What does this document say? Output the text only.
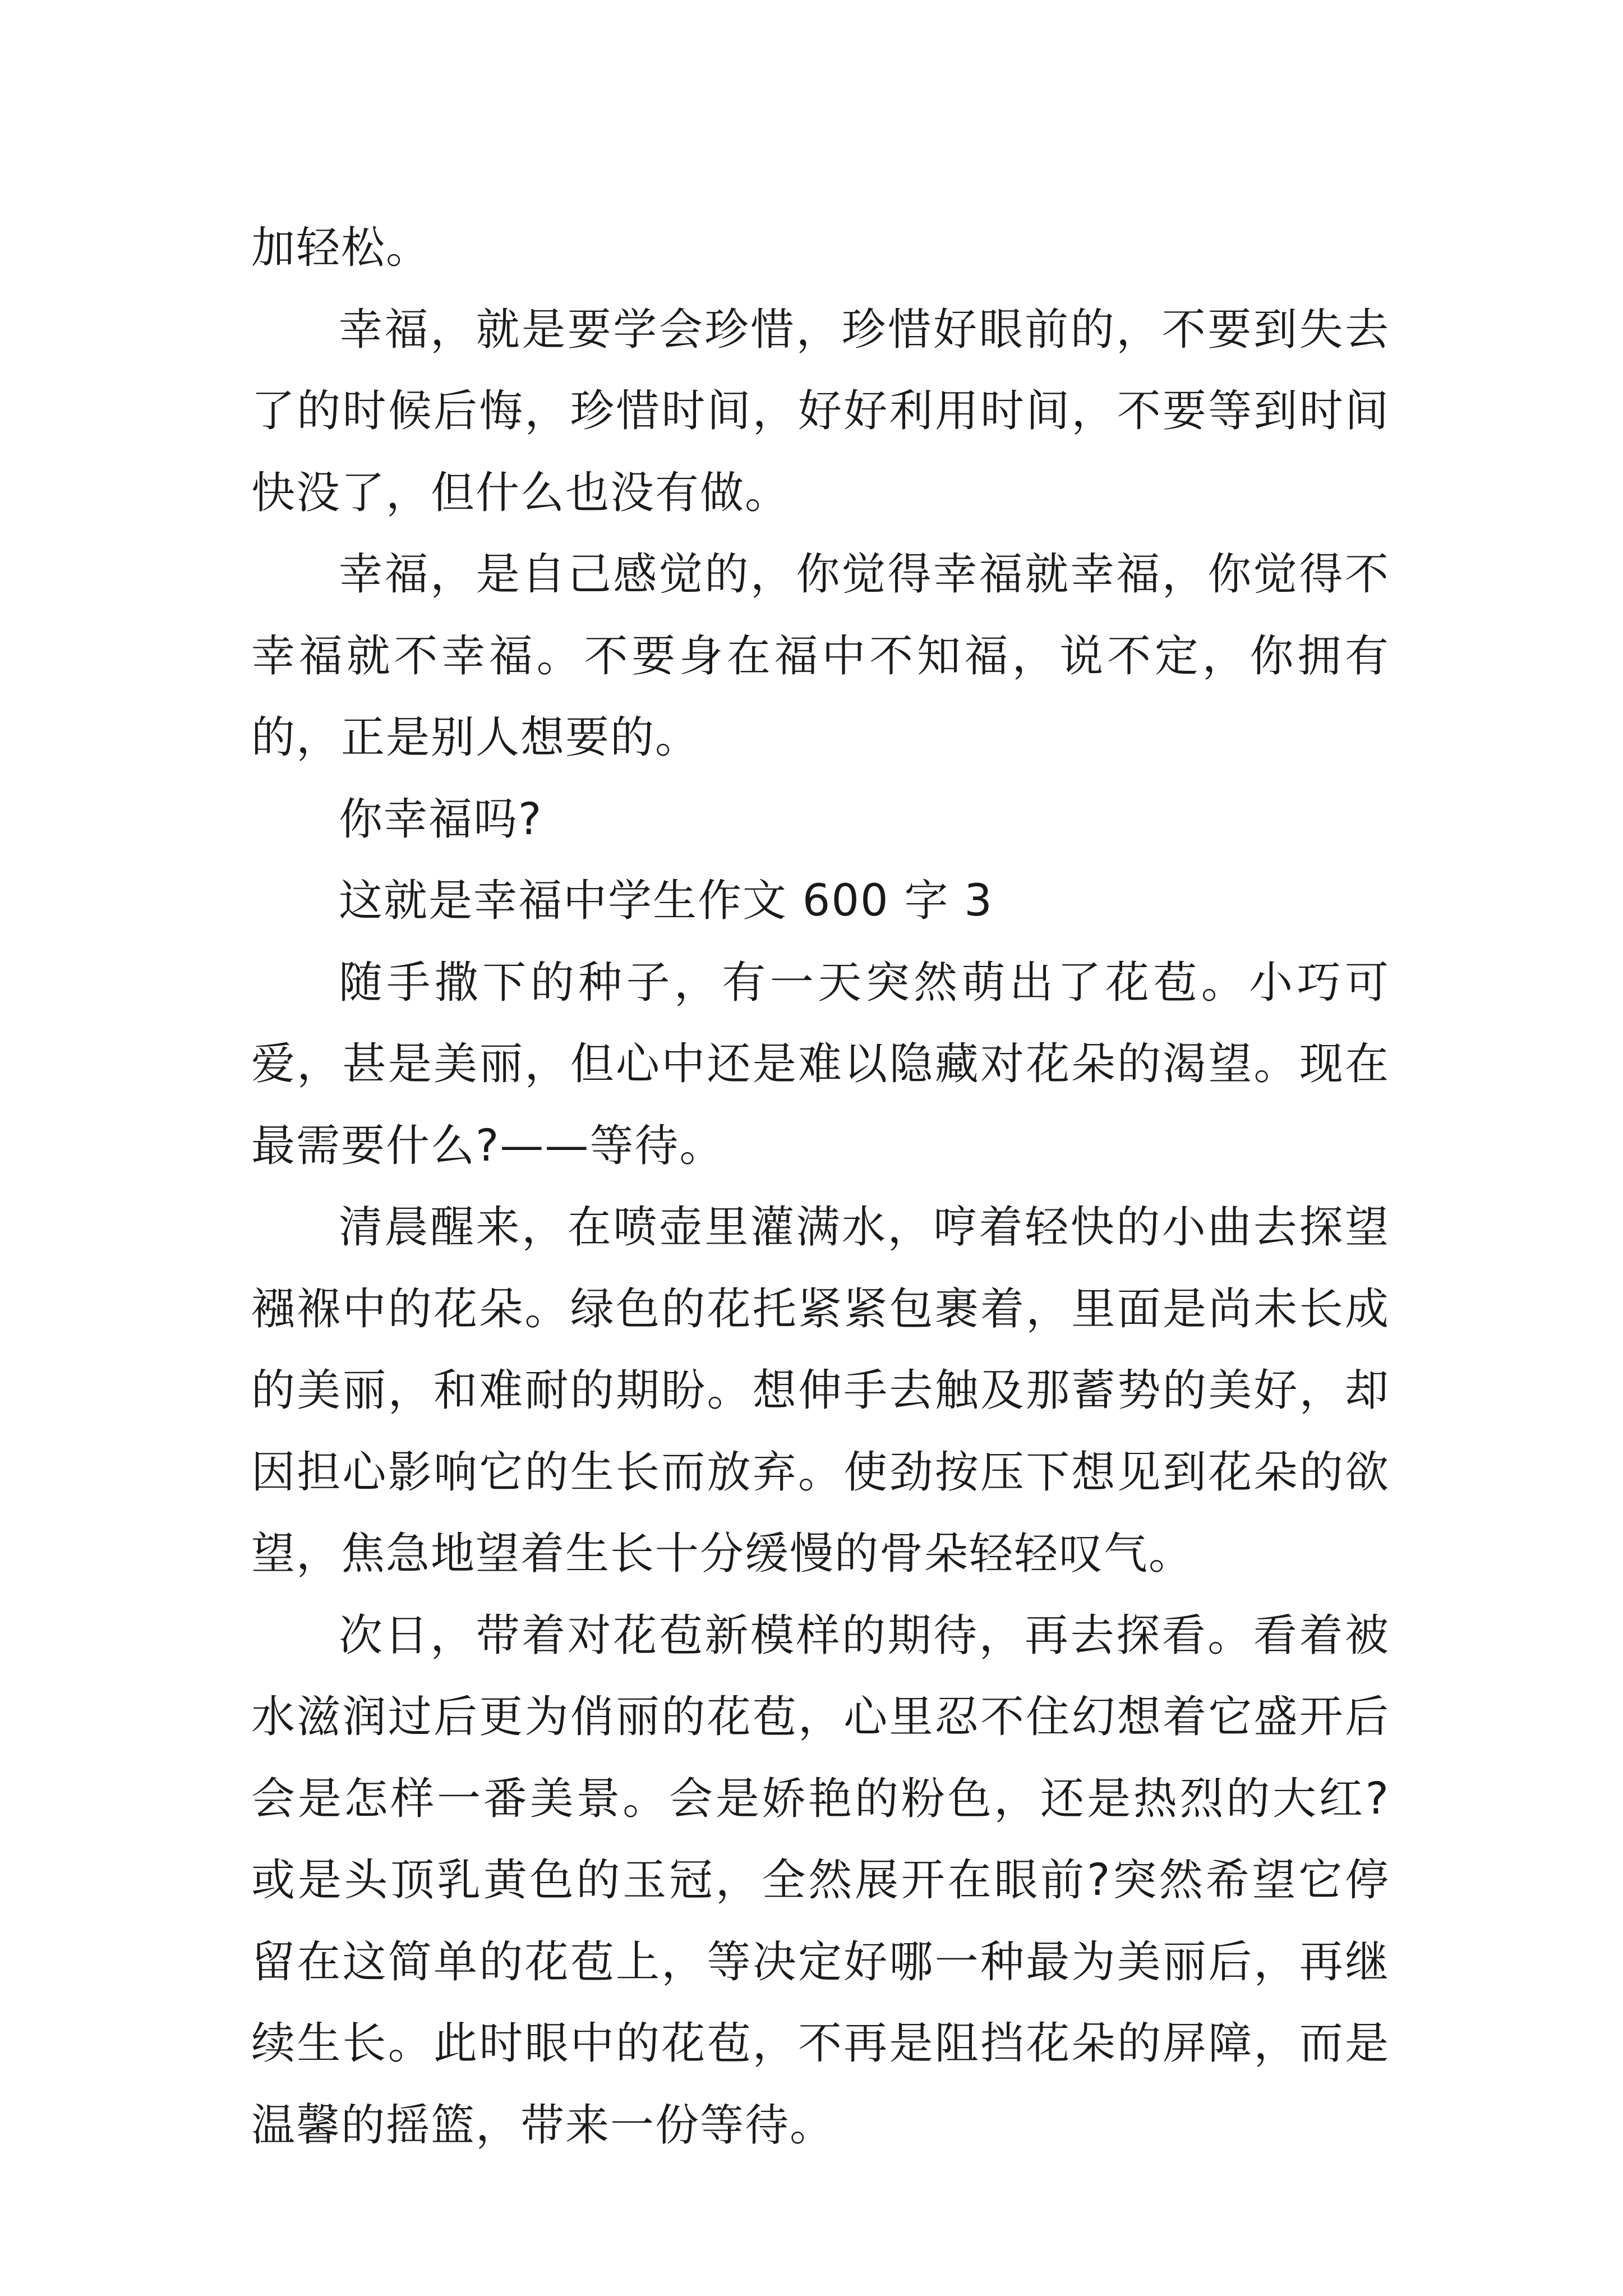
加轻松。

幸福，就是要学会珍惜，珍惜好眼前的，不要到失去了的时候后悔，珍惜时间，好好利用时间，不要等到时间快没了，但什么也没有做。

幸福，是自己感觉的，你觉得幸福就幸福，你觉得不幸福就不幸福。不要身在福中不知福，说不定，你拥有的，正是别人想要的。

你幸福吗?

这就是幸福中学生作文 600 字 3

随手撒下的种子，有一天突然萌出了花苞。小巧可爱，甚是美丽，但心中还是难以隐藏对花朵的渴望。现在最需要什么?——等待。

清晨醒来，在喷壶里灌满水，哼着轻快的小曲去探望襁褓中的花朵。绿色的花托紧紧包裹着，里面是尚未长成的美丽，和难耐的期盼。想伸手去触及那蓄势的美好，却因担心影响它的生长而放弃。使劲按压下想见到花朵的欲望，焦急地望着生长十分缓慢的骨朵轻轻叹气。

次日，带着对花苞新模样的期待，再去探看。看着被水滋润过后更为俏丽的花苞，心里忍不住幻想着它盛开后会是怎样一番美景。会是娇艳的粉色，还是热烈的大红?或是头顶乳黄色的玉冠，全然展开在眼前?突然希望它停留在这简单的花苞上，等决定好哪一种最为美丽后，再继续生长。此时眼中的花苞，不再是阻挡花朵的屏障，而是温馨的摇篮，带来一份等待。
